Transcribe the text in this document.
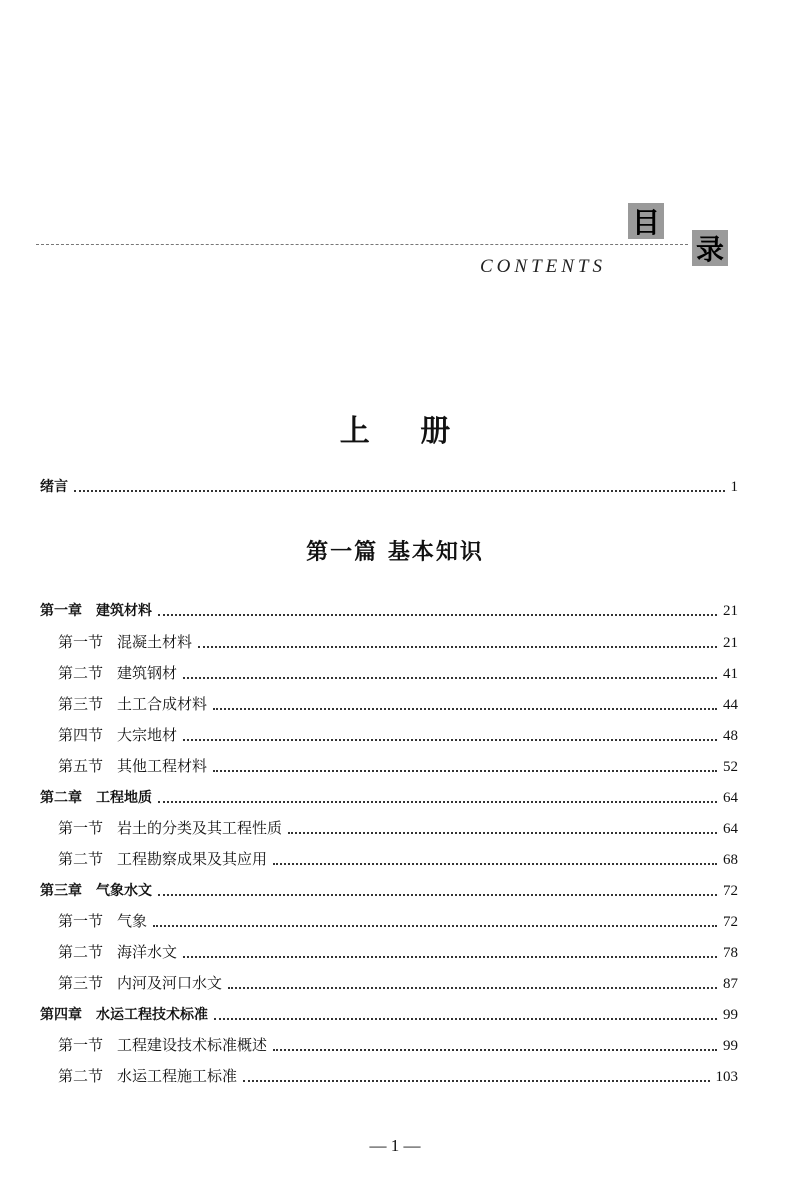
目
录
CONTENTS
上 册
绪言	1
第一篇 基本知识
第一章 建筑材料	21
第一节 混凝土材料	21
第二节 建筑钢材	41
第三节 土工合成材料	44
第四节 大宗地材	48
第五节 其他工程材料	52
第二章 工程地质	64
第一节 岩土的分类及其工程性质	64
第二节 工程勘察成果及其应用	68
第三章 气象水文	72
第一节 气象	72
第二节 海洋水文	78
第三节 内河及河口水文	87
第四章 水运工程技术标准	99
第一节 工程建设技术标准概述	99
第二节 水运工程施工标准	103
— 1 —
